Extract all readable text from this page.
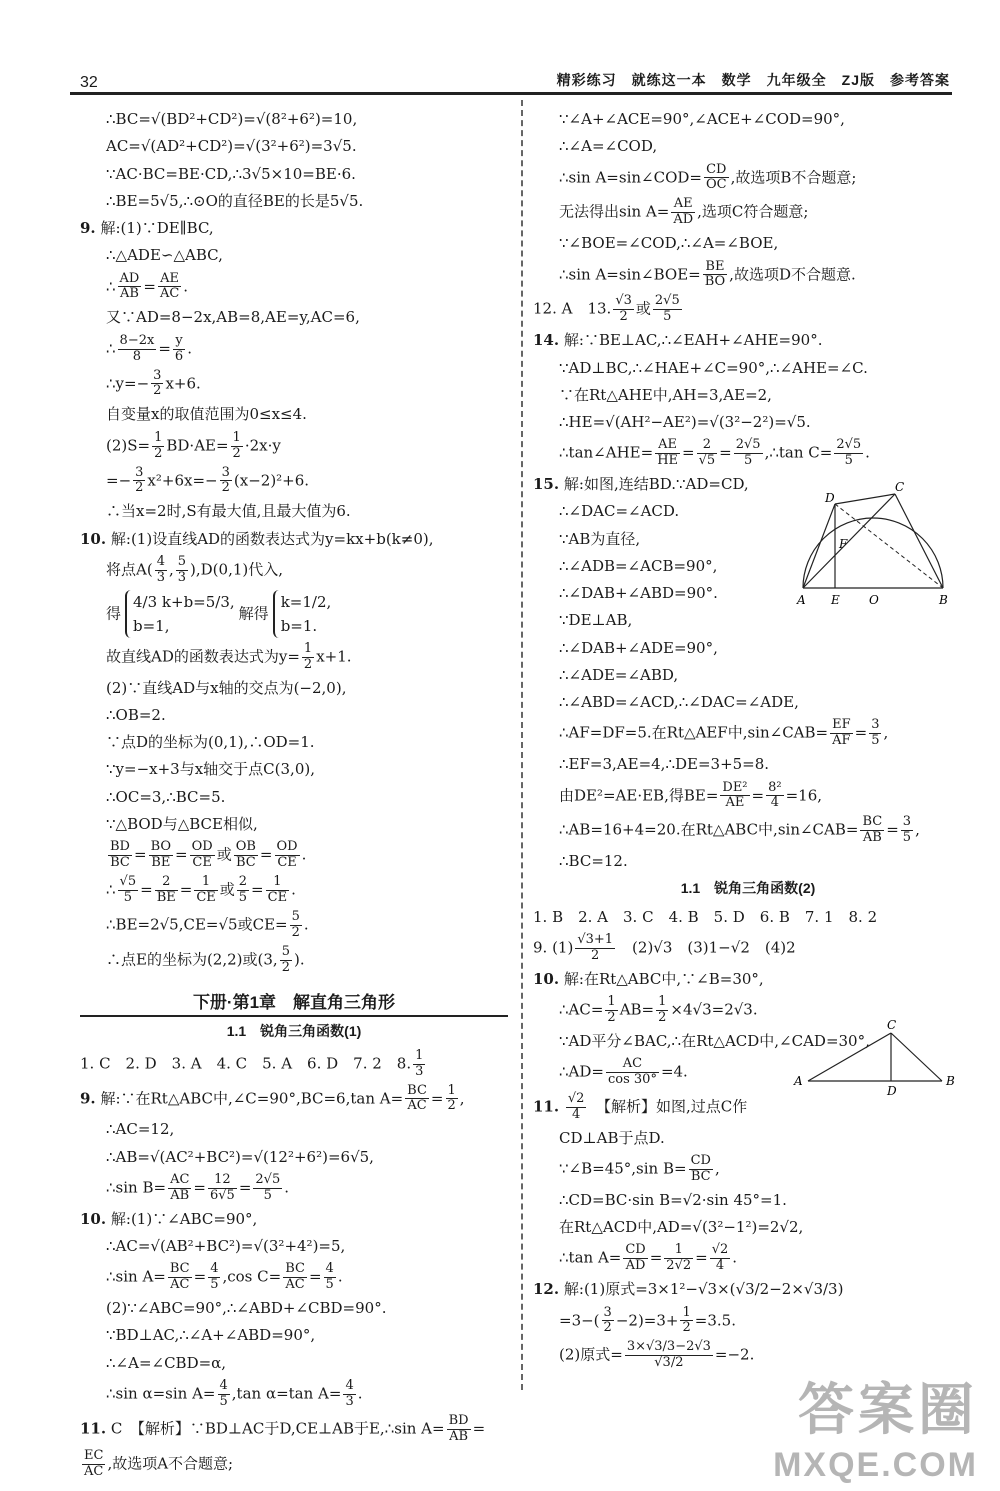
32	精彩练习　就练这一本　数学　九年级全　ZJ版　参考答案

∴BC=√(BD²+CD²)=√(8²+6²)=10,

AC=√(AD²+CD²)=√(3²+6²)=3√5.

∵AC·BC=BE·CD,∴3√5×10=BE·6.

∴BE=5√5,∴⊙O的直径BE的长是5√5.

9. 解:(1)∵DE∥BC,

∴△ADE∽△ABC,

∴ $\frac{AD}{AB} = \frac{AE}{AC}$ .

又∵AD=8−2x,AB=8,AE=y,AC=6,

∴ $\frac{8-2x}{8} = \frac{y}{6}$ .

∴y=− $\frac{3}{2} x+6$.

自变量x的取值范围为0≤x≤4.

$(2)S= \frac{1}{2} BD\cdot AE= \frac{1}{2} \cdot 2x\cdot y$

=− $\frac{3}{2} x^2+6x=- \frac{3}{2} (x-2)^2+6$.

∴当x=2时,S有最大值,且最大值为6.

10. 解:(1)设直线AD的函数表达式为y=kx+b(k≠0),

将点$A( \frac{4}{3}$ , $\frac{5}{3} ),D(0,1)$代入,

得
4/3 k+b=5/3,
b=1,
解得
k=1/2,
b=1.

故直线AD的函数表达式为$y= \frac{1}{2} x+1$.

(2)∵直线AD与x轴的交点为(−2,0),

∴OB=2.

∵点D的坐标为(0,1),∴OD=1.

∵y=−x+3与x轴交于点C(3,0),

∴OC=3,∴BC=5.

∵△BOD与△BCE相似,

$\frac{BD}{BC} = \frac{BO}{BE} = \frac{OD}{CE}$ 或 $\frac{OB}{BC} = \frac{OD}{CE}$ .

∴ $\frac{√5}{5} = \frac{2}{BE} = \frac{1}{CE}$ 或 $\frac{2}{5} = \frac{1}{CE}$ .

∴BE=2√5,CE=√5或$CE= \frac{5}{2}$ .

∴点E的坐标为(2,2)或(3, $\frac{5}{2}$ ).

下册·第1章　解直角三角形
1.1　锐角三角函数(1)

1. C　2. D　3. A　4. C　5. A　6. D　7. 2　8. $\frac{1}{3}$

9. 解:∵在Rt△ABC中,∠C=90°,BC=6,tan $A= \frac{BC}{AC} = \frac{1}{2}$ ,

∴AC=12,

∴AB=√(AC²+BC²)=√(12²+6²)=6√5,

∴sin $B= \frac{AC}{AB} = \frac{12}{6√5} = \frac{2√5}{5}$ .

10. 解:(1)∵∠ABC=90°,

∴AC=√(AB²+BC²)=√(3²+4²)=5,

∴sin $A= \frac{BC}{AC} = \frac{4}{5} ,\cos$ $C= \frac{BC}{AC} = \frac{4}{5}$ .

(2)∵∠ABC=90°,∴∠ABD+∠CBD=90°.

∵BD⊥AC,∴∠A+∠ABD=90°,

∴∠A=∠CBD=α,

∴sin α=sin $A= \frac{4}{5} ,\tan$ α=tan $A= \frac{4}{3}$ .

11. C　【解析】∵BD⊥AC于D,CE⊥AB于E,∴sin $A= \frac{BD}{AB}$ =

$\frac{EC}{AC}$ ,故选项A不合题意;

∵∠A+∠ACE=90°,∠ACE+∠COD=90°,

∴∠A=∠COD,

∴sin A=sin∠COD= $\frac{CD}{OC}$ ,故选项B不合题意;

无法得出$\sin A= \frac{AE}{AD}$ ,选项C符合题意;

∵∠BOE=∠COD,∴∠A=∠BOE,

∴sin A=sin∠BOE= $\frac{BE}{BO}$ ,故选项D不合题意.

12. A　13. $\frac{√3}{2}$ 或 $\frac{2√5}{5}$

14. 解:∵BE⊥AC,∴∠EAH+∠AHE=90°.

∵AD⊥BC,∴∠HAE+∠C=90°,∴∠AHE=∠C.

∵在Rt△AHE中,AH=3,AE=2,

∴HE=√(AH²−AE²)=√(3²−2²)=√5.

∴tan∠AHE= $\frac{AE}{HE} = \frac{2}{√5} = \frac{2√5}{5}$ ,∴tan $C= \frac{2√5}{5}$ .

15. 解:如图,连结BD.∵AD=CD,

∴∠DAC=∠ACD.

∵AB为直径,

∴∠ADB=∠ACB=90°,

∴∠DAB+∠ABD=90°.

∵DE⊥AB,

∴∠DAB+∠ADE=90°,

∴∠ADE=∠ABD,

∴∠ABD=∠ACD,∴∠DAC=∠ADE,

∴AF=DF=5.在Rt△AEF中,sin∠CAB= $\frac{EF}{AF} = \frac{3}{5}$ ,

∴EF=3,AE=4,∴DE=3+5=8.

由DE²=AE·EB,得$BE= \frac{\text{DE²}}{AE} = \frac{\text{8²}}{4} =16$,

∴AB=16+4=20.在Rt△ABC中,sin∠CAB= $\frac{BC}{AB} = \frac{3}{5}$ ,

∴BC=12.

1.1　锐角三角函数(2)

1. B　2. A　3. C　4. B　5. D　6. B　7. 1　8. 2

9. $(1) \frac{√3+1}{2}$ 　(2)√3　(3)1−√2　(4)2

10. 解:在Rt△ABC中,∵∠B=30°,

∴AC= $\frac{1}{2} AB= \frac{1}{2} \times 4√3=2√3$.

∵AD平分∠BAC,∴在Rt△ACD中,∠CAD=30°,

∴AD= $\frac{AC}{\cos 30^\circ} =4$.

11. $\frac{√2}{4}$ 　【解析】如图,过点C作

CD⊥AB于点D.

∵∠B=45°,sin $B= \frac{CD}{BC}$ ,

∴CD=BC·sin B=√2·sin 45°=1.

在Rt△ACD中,AD=√(3²−1²)=2√2,

∴tan $A= \frac{CD}{AD} = \frac{1}{2√2} = \frac{√2}{4}$ .

12. 解:(1)原式=3×1²−√3×(√3/2−2×√3/3)

$=3-( \frac{3}{2} -2)=3+ \frac{1}{2} =3.5$.

(2)原式= $\frac{3\times√3/3-2√3}{√3/2} =-2$.

D
C
F
A E O	B
C
A	B
D
答案圈
MXQE.COM
